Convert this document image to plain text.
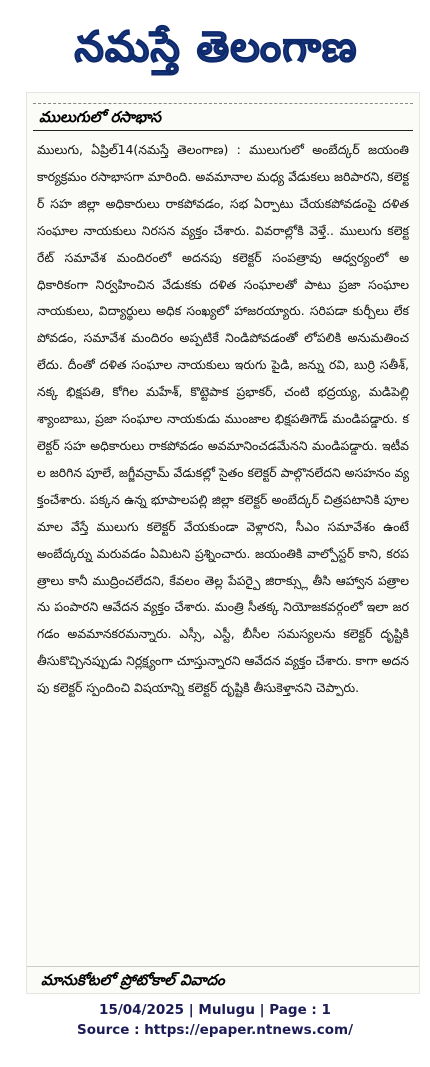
నమస్తే తెలంగాణ
ములుగులో రసాభాస
ములుగు, ఏప్రిల్14(నమస్తే తెలంగాణ) : ములుగులో అంబేద్కర్ జయంతి కార్యక్రమం రసాభాసగా మారింది. అవమానాల మధ్య వేడుకలు జరిపారని, కలెక్టర్ సహ జిల్లా అధికారులు రాకపోవడం, సభ ఏర్పాటు చేయకపోవడంపై దళిత సంఘాల నాయకులు నిరసన వ్యక్తం చేశారు. వివరాల్లోకి వెళ్తే.. ములుగు కలెక్టరేట్ సమావేశ మందిరంలో అదనపు కలెక్టర్ సంపత్రావు ఆధ్వర్యంలో అధికారికంగా నిర్వహించిన వేడుకకు దళిత సంఘాలతో పాటు ప్రజా సంఘాల నాయకులు, విద్యార్థులు అధిక సంఖ్యలో హాజరయ్యారు. సరిపడా కుర్చీలు లేకపోవడం, సమావేశ మందిరం అప్పటికే నిండిపోవడంతో లోపలికి అనుమతించలేదు. దీంతో దళిత సంఘాల నాయకులు ఇరుగు పైడి, జన్ను రవి, బుర్రి సతీశ్, నక్క భిక్షపతి, కోగిల మహేశ్, కొట్టెపాక ప్రభాకర్, చంటి భద్రయ్య, మడిపెల్లి శ్యాంబాబు, ప్రజా సంఘాల నాయకుడు ముంజాల భిక్షపతిగౌడ్ మండిపడ్డారు. కలెక్టర్ సహ అధికారులు రాకపోవడం అవమానించడమేనని మండిపడ్డారు. ఇటీవల జరిగిన పూలే, జగ్జీవన్రామ్ వేడుకల్లో సైతం కలెక్టర్ పాల్గొనలేదని అసహనం వ్యక్తంచేశారు. పక్కన ఉన్న భూపాలపల్లి జిల్లా కలెక్టర్ అంబేద్కర్ చిత్రపటానికి పూలమాల వేస్తే ములుగు కలెక్టర్ వేయకుండా వెళ్లారని, సీఎం సమావేశం ఉంటే అంబేద్కర్ను మరువడం ఏమిటని ప్రశ్నించారు. జయంతికి వాల్పోస్టర్ కాని, కరపత్రాలు కానీ ముద్రించలేదని, కేవలం తెల్ల పేపర్పై జిరాక్స్లు తీసి ఆహ్వాన పత్రాలను పంపారని ఆవేదన వ్యక్తం చేశారు. మంత్రి సీతక్క నియోజకవర్గంలో ఇలా జరగడం అవమానకరమన్నారు. ఎస్సీ, ఎస్టీ, బీసీల సమస్యలను కలెక్టర్ దృష్టికి తీసుకొచ్చినప్పుడు నిర్లక్ష్యంగా చూస్తున్నారని ఆవేదన వ్యక్తం చేశారు. కాగా అదనపు కలెక్టర్ స్పందించి విషయాన్ని కలెక్టర్ దృష్టికి తీసుకెళ్తానని చెప్పారు.
మానుకోటలో ప్రోటోకాల్ వివాదం
15/04/2025 | Mulugu | Page : 1
Source : https://epaper.ntnews.com/
